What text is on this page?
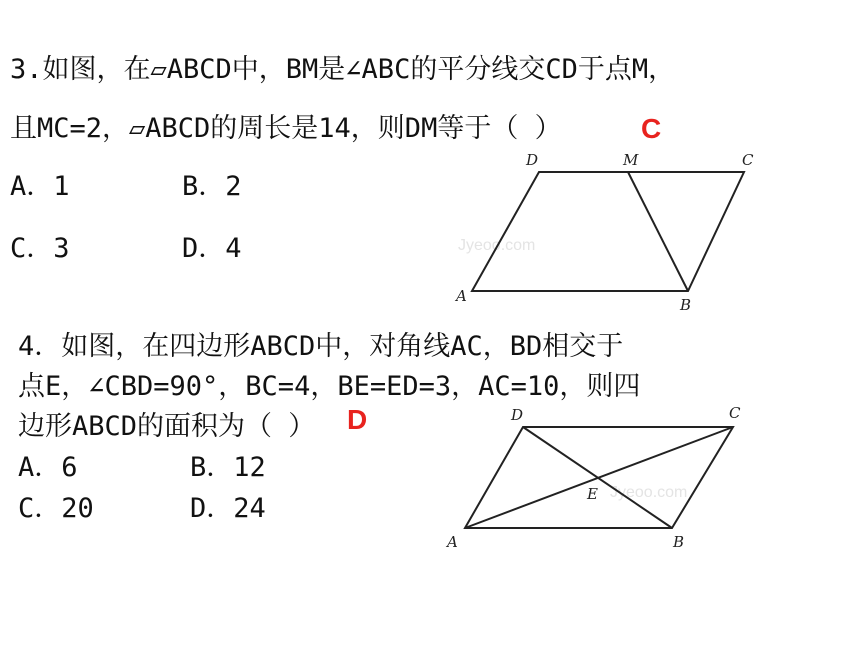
3.如图，在▱ABCD中，BM是∠ABC的平分线交CD于点M，
且MC=2，▱ABCD的周长是14，则DM等于（ ）	C
A．1	B．2
C．3	D．4	Jyeoo.com
D	M	C
A	B
4．如图，在四边形ABCD中，对角线AC，BD相交于
点E，∠CBD=90°，BC=4，BE=ED=3，AC=10，则四
边形ABCD的面积为（ ） D
A．6	B．12
C．20	D．24
Jyeoo.com
D	C
A	B
E
